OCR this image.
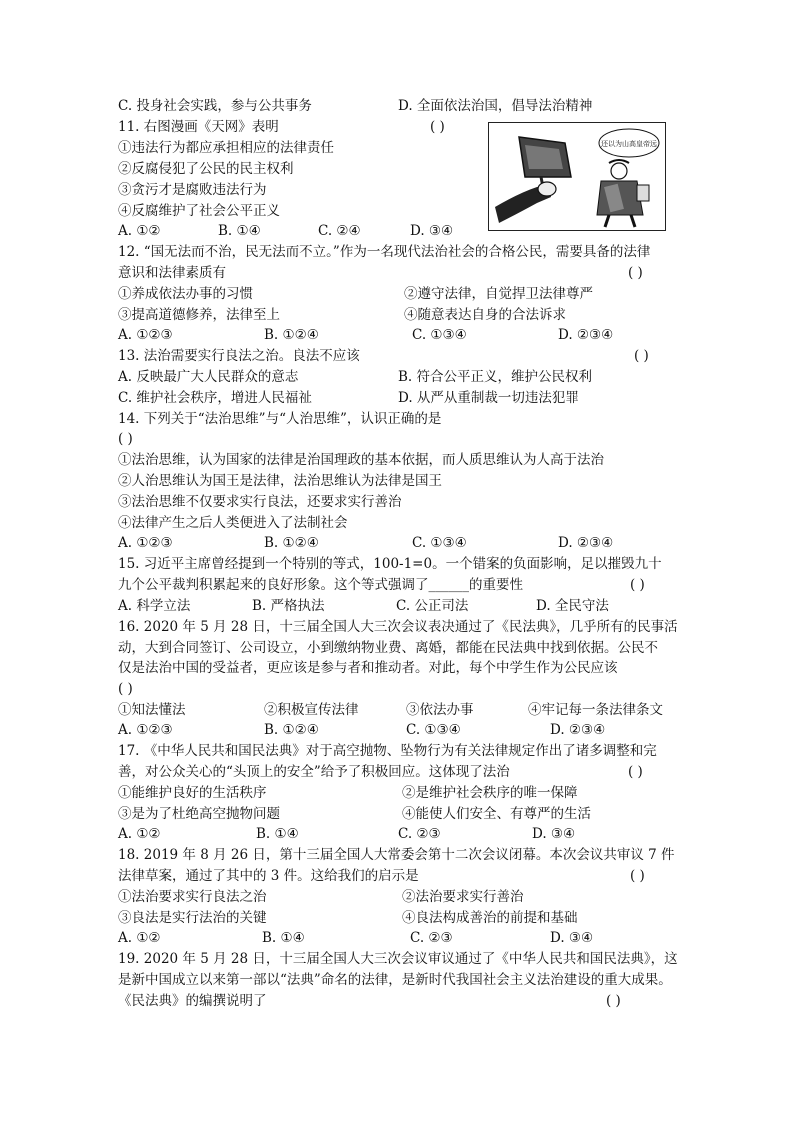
C. 投身社会实践，参与公共事务	D. 全面依法治国，倡导法治精神
11. 右图漫画《天网》表明	( )
①违法行为都应承担相应的法律责任
②反腐侵犯了公民的民主权利
③贪污才是腐败违法行为
④反腐维护了社会公平正义
A. ①②	B. ①④	C. ②④	D. ③④
还以为山高皇帝远
12. “国无法而不治，民无法而不立。”作为一名现代法治社会的合格公民，需要具备的法律
意识和法律素质有	( )
①养成依法办事的习惯	②遵守法律，自觉捍卫法律尊严
③提高道德修养，法律至上	④随意表达自身的合法诉求
A. ①②③	B. ①②④	C. ①③④	D. ②③④
13. 法治需要实行良法之治。良法不应该	( )
A. 反映最广大人民群众的意志	B. 符合公平正义，维护公民权利
C. 维护社会秩序，增进人民福祉	D. 从严从重制裁一切违法犯罪
14. 下列关于“法治思维”与“人治思维”，认识正确的是
( )
①法治思维，认为国家的法律是治国理政的基本依据，而人质思维认为人高于法治
②人治思维认为国王是法律，法治思维认为法律是国王
③法治思维不仅要求实行良法，还要求实行善治
④法律产生之后人类便进入了法制社会
A. ①②③	B. ①②④	C. ①③④	D. ②③④
15. 习近平主席曾经提到一个特别的等式，100-1=0。一个错案的负面影响，足以摧毁九十
九个公平裁判积累起来的良好形象。这个等式强调了______的重要性	( )
A. 科学立法	B. 严格执法	C. 公正司法	D. 全民守法
16. 2020 年 5 月 28 日，十三届全国人大三次会议表决通过了《民法典》，几乎所有的民事活
动，大到合同签订、公司设立，小到缴纳物业费、离婚，都能在民法典中找到依据。公民不
仅是法治中国的受益者，更应该是参与者和推动者。对此，每个中学生作为公民应该
( )
①知法懂法	②积极宣传法律	③依法办事	④牢记每一条法律条文
A. ①②③	B. ①②④	C. ①③④	D. ②③④
17. 《中华人民共和国民法典》对于高空抛物、坠物行为有关法律规定作出了诸多调整和完
善，对公众关心的“头顶上的安全”给予了积极回应。这体现了法治	( )
①能维护良好的生活秩序	②是维护社会秩序的唯一保障
③是为了杜绝高空抛物问题	④能使人们安全、有尊严的生活
A. ①②	B. ①④	C. ②③	D. ③④
18. 2019 年 8 月 26 日，第十三届全国人大常委会第十二次会议闭幕。本次会议共审议 7 件
法律草案，通过了其中的 3 件。这给我们的启示是	( )
①法治要求实行良法之治	②法治要求实行善治
③良法是实行法治的关键	④良法构成善治的前提和基础
A. ①②	B. ①④	C. ②③	D. ③④
19. 2020 年 5 月 28 日，十三届全国人大三次会议审议通过了《中华人民共和国民法典》，这
是新中国成立以来第一部以“法典”命名的法律，是新时代我国社会主义法治建设的重大成果。
《民法典》的编撰说明了	( )
